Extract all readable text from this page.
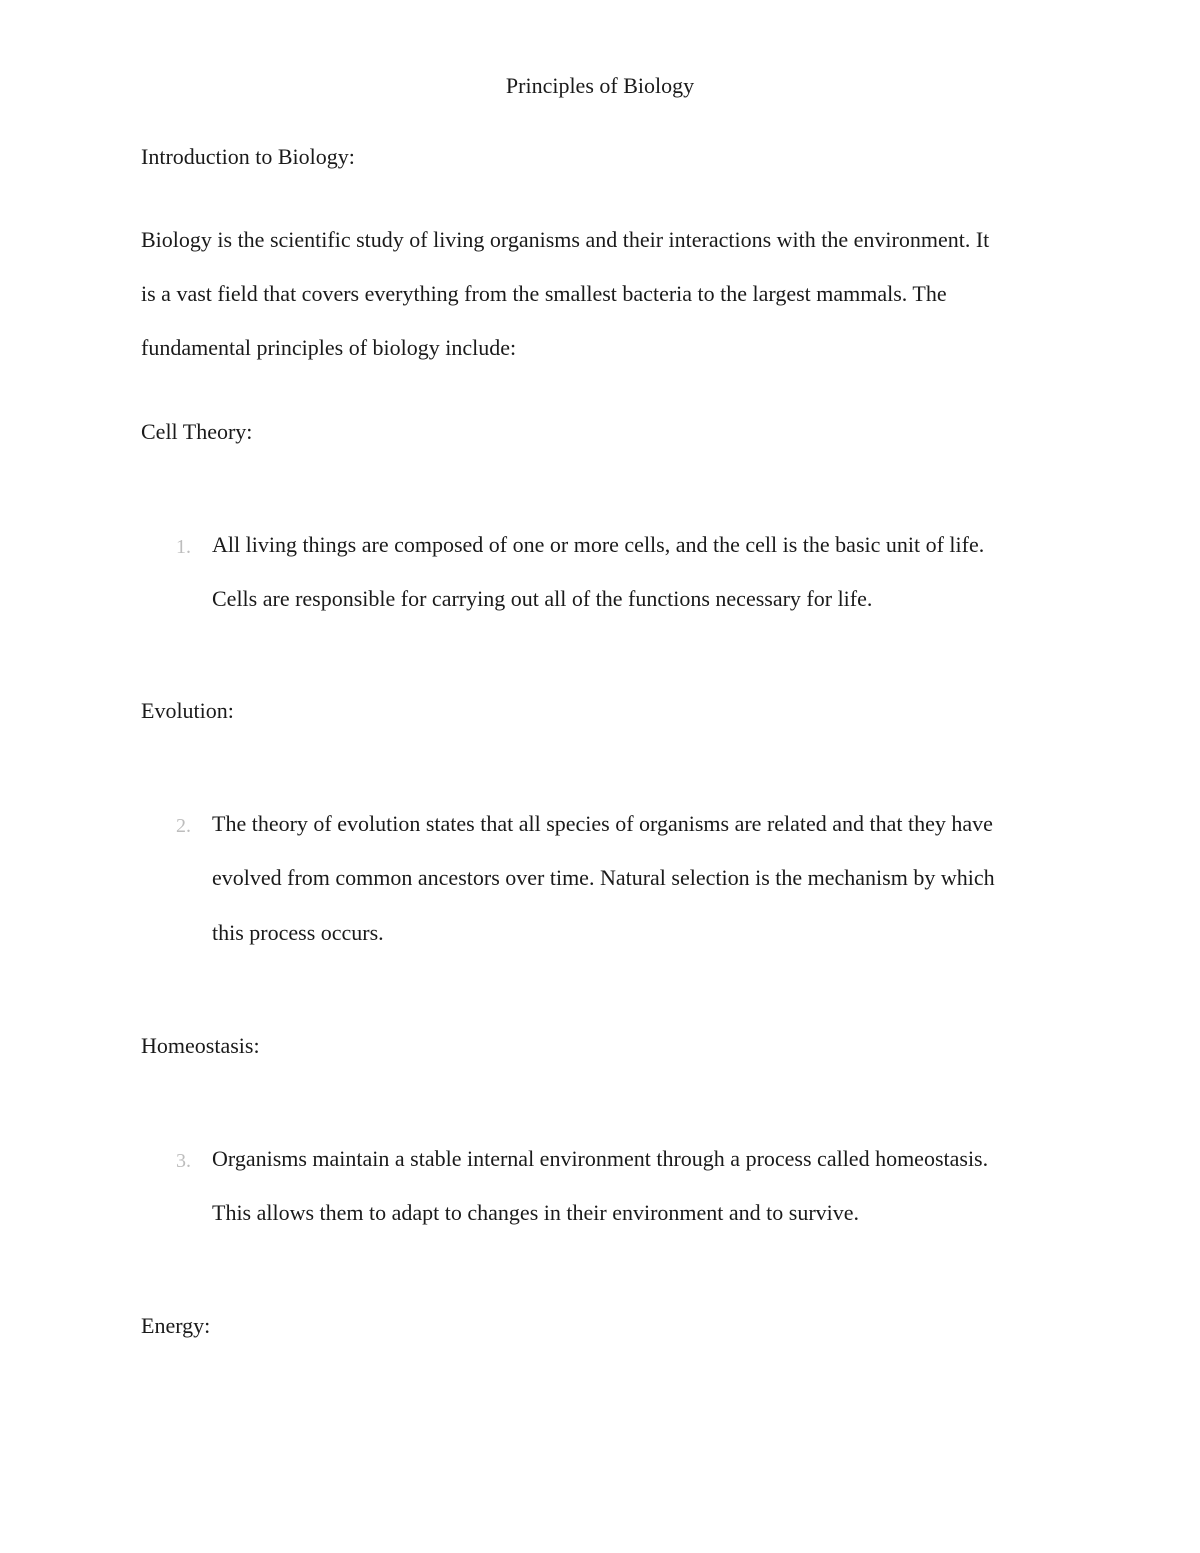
Principles of Biology
Introduction to Biology:
Biology is the scientific study of living organisms and their interactions with the environment. It
is a vast field that covers everything from the smallest bacteria to the largest mammals. The
fundamental principles of biology include:
Cell Theory:
1. All living things are composed of one or more cells, and the cell is the basic unit of life.
Cells are responsible for carrying out all of the functions necessary for life.
Evolution:
2. The theory of evolution states that all species of organisms are related and that they have
evolved from common ancestors over time. Natural selection is the mechanism by which
this process occurs.
Homeostasis:
3. Organisms maintain a stable internal environment through a process called homeostasis.
This allows them to adapt to changes in their environment and to survive.
Energy:
